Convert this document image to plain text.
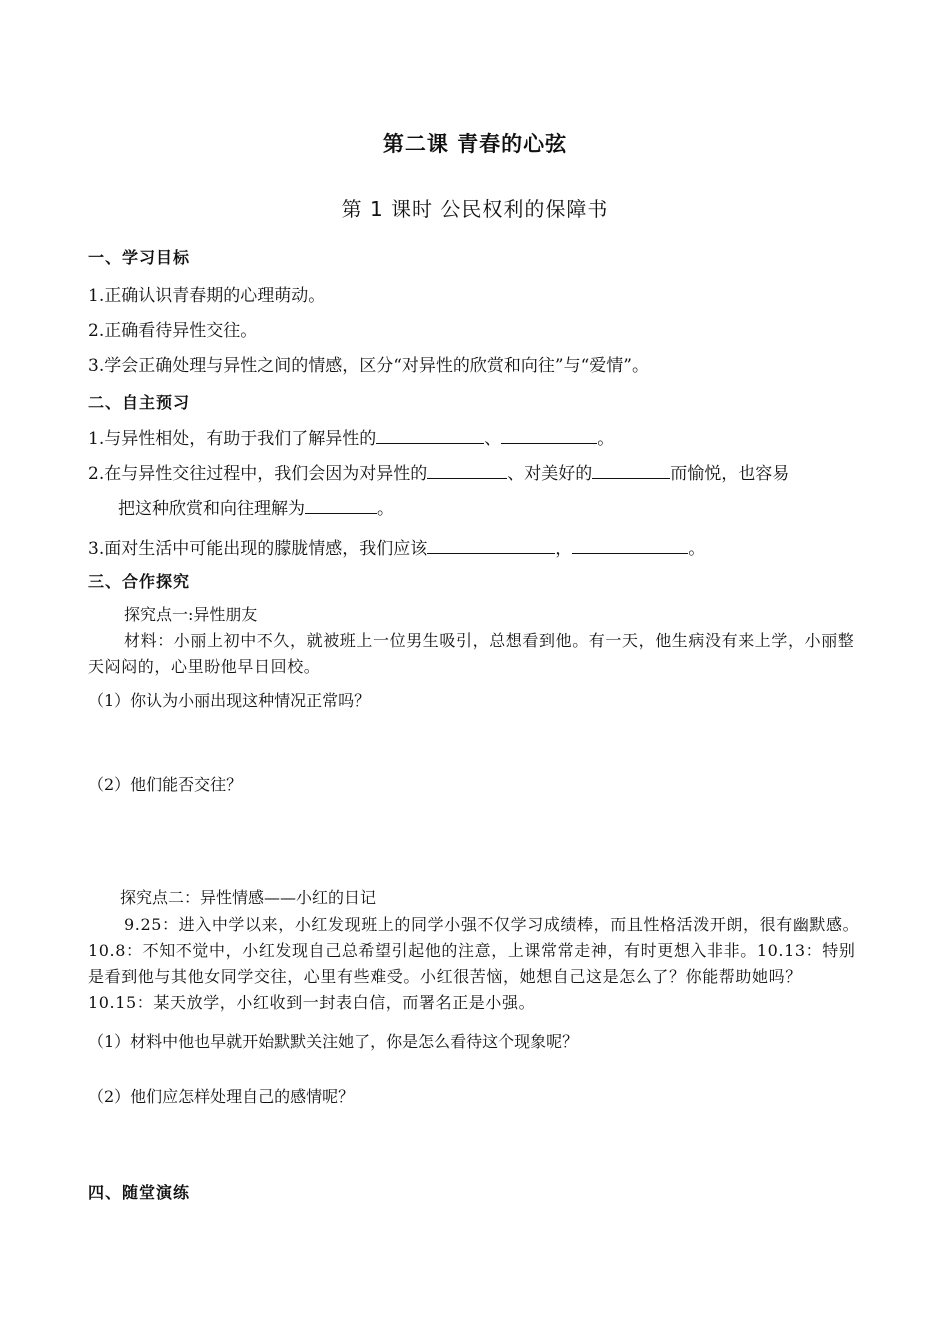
第二课 青春的心弦
第 1 课时 公民权利的保障书
一、学习目标
1.正确认识青春期的心理萌动。
2.正确看待异性交往。
3.学会正确处理与异性之间的情感，区分“对异性的欣赏和向往”与“爱情”。
二、自主预习
1.与异性相处，有助于我们了解异性的	、	。
2.在与异性交往过程中，我们会因为对异性的	、对美好的	而愉悦，也容易
把这种欣赏和向往理解为	。
3.面对生活中可能出现的朦胧情感，我们应该	，	。
三、合作探究
探究点一:异性朋友
材料：小丽上初中不久，就被班上一位男生吸引，总想看到他。有一天，他生病没有来上学，小丽整天闷闷的，心里盼他早日回校。
（1）你认为小丽出现这种情况正常吗？
（2）他们能否交往？
探究点二：异性情感——小红的日记
9.25：进入中学以来，小红发现班上的同学小强不仅学习成绩棒，而且性格活泼开朗，很有幽默感。10.8：不知不觉中，小红发现自己总希望引起他的注意，上课常常走神，有时更想入非非。10.13：特别是看到他与其他女同学交往，心里有些难受。小红很苦恼，她想自己这是怎么了？你能帮助她吗？10.15：某天放学，小红收到一封表白信，而署名正是小强。
（1）材料中他也早就开始默默关注她了，你是怎么看待这个现象呢？
（2）他们应怎样处理自己的感情呢？
四、随堂演练
